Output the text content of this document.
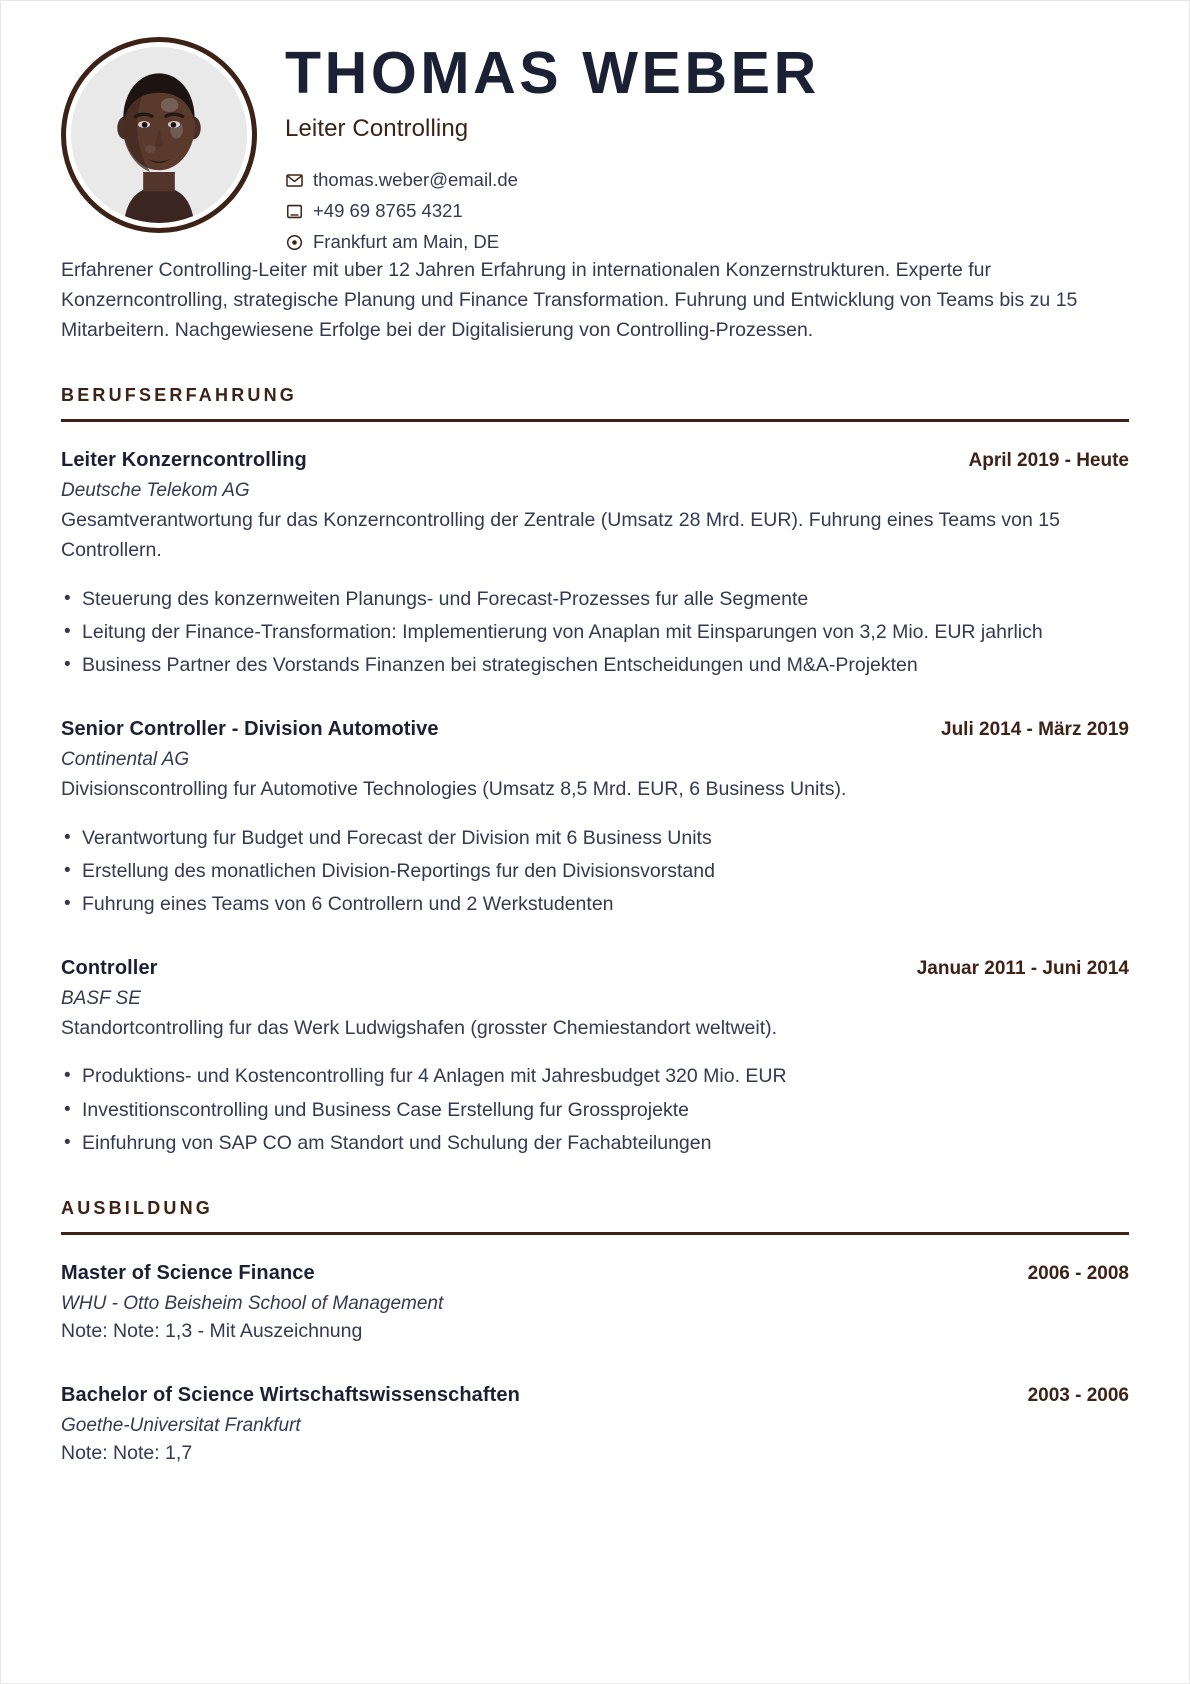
THOMAS WEBER
Leiter Controlling
thomas.weber@email.de
+49 69 8765 4321
Frankfurt am Main, DE
Erfahrener Controlling-Leiter mit uber 12 Jahren Erfahrung in internationalen Konzernstrukturen. Experte fur Konzerncontrolling, strategische Planung und Finance Transformation. Fuhrung und Entwicklung von Teams bis zu 15 Mitarbeitern. Nachgewiesene Erfolge bei der Digitalisierung von Controlling-Prozessen.
BERUFSERFAHRUNG
Leiter Konzerncontrolling	April 2019 - Heute
Deutsche Telekom AG
Gesamtverantwortung fur das Konzerncontrolling der Zentrale (Umsatz 28 Mrd. EUR). Fuhrung eines Teams von 15 Controllern.
• Steuerung des konzernweiten Planungs- und Forecast-Prozesses fur alle Segmente
• Leitung der Finance-Transformation: Implementierung von Anaplan mit Einsparungen von 3,2 Mio. EUR jahrlich
• Business Partner des Vorstands Finanzen bei strategischen Entscheidungen und M&A-Projekten
Senior Controller - Division Automotive	Juli 2014 - März 2019
Continental AG
Divisionscontrolling fur Automotive Technologies (Umsatz 8,5 Mrd. EUR, 6 Business Units).
• Verantwortung fur Budget und Forecast der Division mit 6 Business Units
• Erstellung des monatlichen Division-Reportings fur den Divisionsvorstand
• Fuhrung eines Teams von 6 Controllern und 2 Werkstudenten
Controller	Januar 2011 - Juni 2014
BASF SE
Standortcontrolling fur das Werk Ludwigshafen (grosster Chemiestandort weltweit).
• Produktions- und Kostencontrolling fur 4 Anlagen mit Jahresbudget 320 Mio. EUR
• Investitionscontrolling und Business Case Erstellung fur Grossprojekte
• Einfuhrung von SAP CO am Standort und Schulung der Fachabteilungen
AUSBILDUNG
Master of Science Finance	2006 - 2008
WHU - Otto Beisheim School of Management
Note: Note: 1,3 - Mit Auszeichnung
Bachelor of Science Wirtschaftswissenschaften	2003 - 2006
Goethe-Universitat Frankfurt
Note: Note: 1,7
